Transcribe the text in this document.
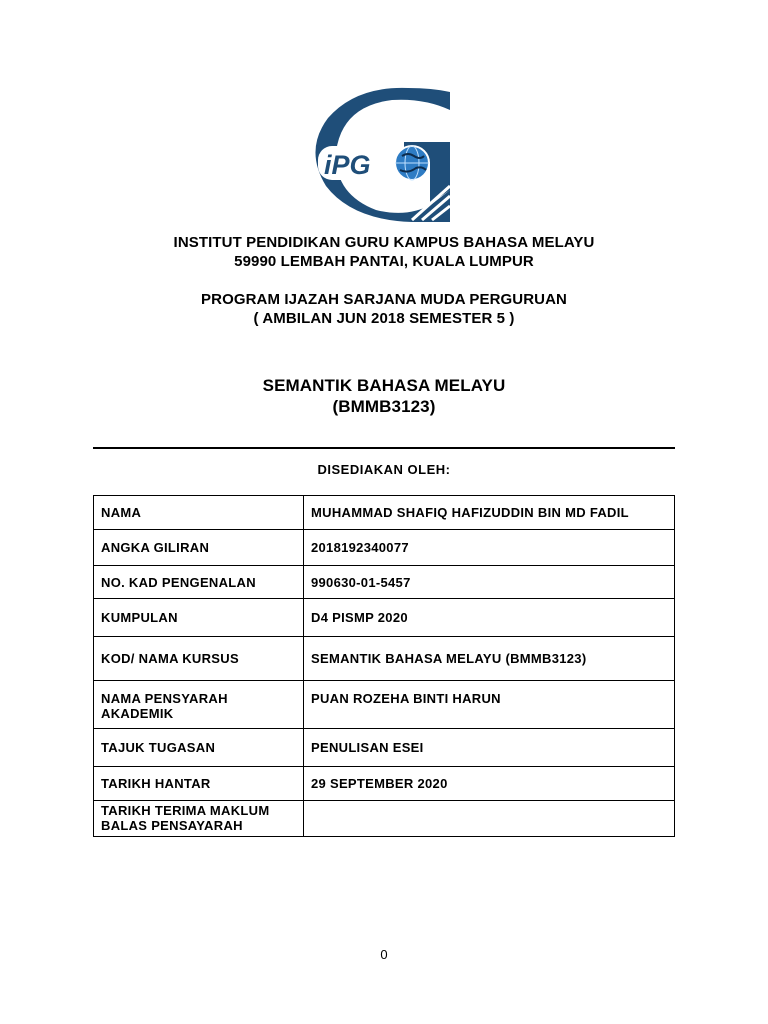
iPG
INSTITUT PENDIDIKAN GURU KAMPUS BAHASA MELAYU
59990 LEMBAH PANTAI, KUALA LUMPUR
PROGRAM IJAZAH SARJANA MUDA PERGURUAN
( AMBILAN JUN 2018 SEMESTER 5 )
SEMANTIK BAHASA MELAYU
(BMMB3123)
DISEDIAKAN OLEH:
NAMA	MUHAMMAD SHAFIQ HAFIZUDDIN BIN MD FADIL
ANGKA GILIRAN	2018192340077
NO. KAD PENGENALAN	990630-01-5457
KUMPULAN	D4 PISMP 2020
KOD/ NAMA KURSUS	SEMANTIK BAHASA MELAYU (BMMB3123)
NAMA PENSYARAH AKADEMIK	PUAN ROZEHA BINTI HARUN
TAJUK TUGASAN	PENULISAN ESEI
TARIKH HANTAR	29 SEPTEMBER 2020
TARIKH TERIMA MAKLUM BALAS PENSAYARAH	
0
